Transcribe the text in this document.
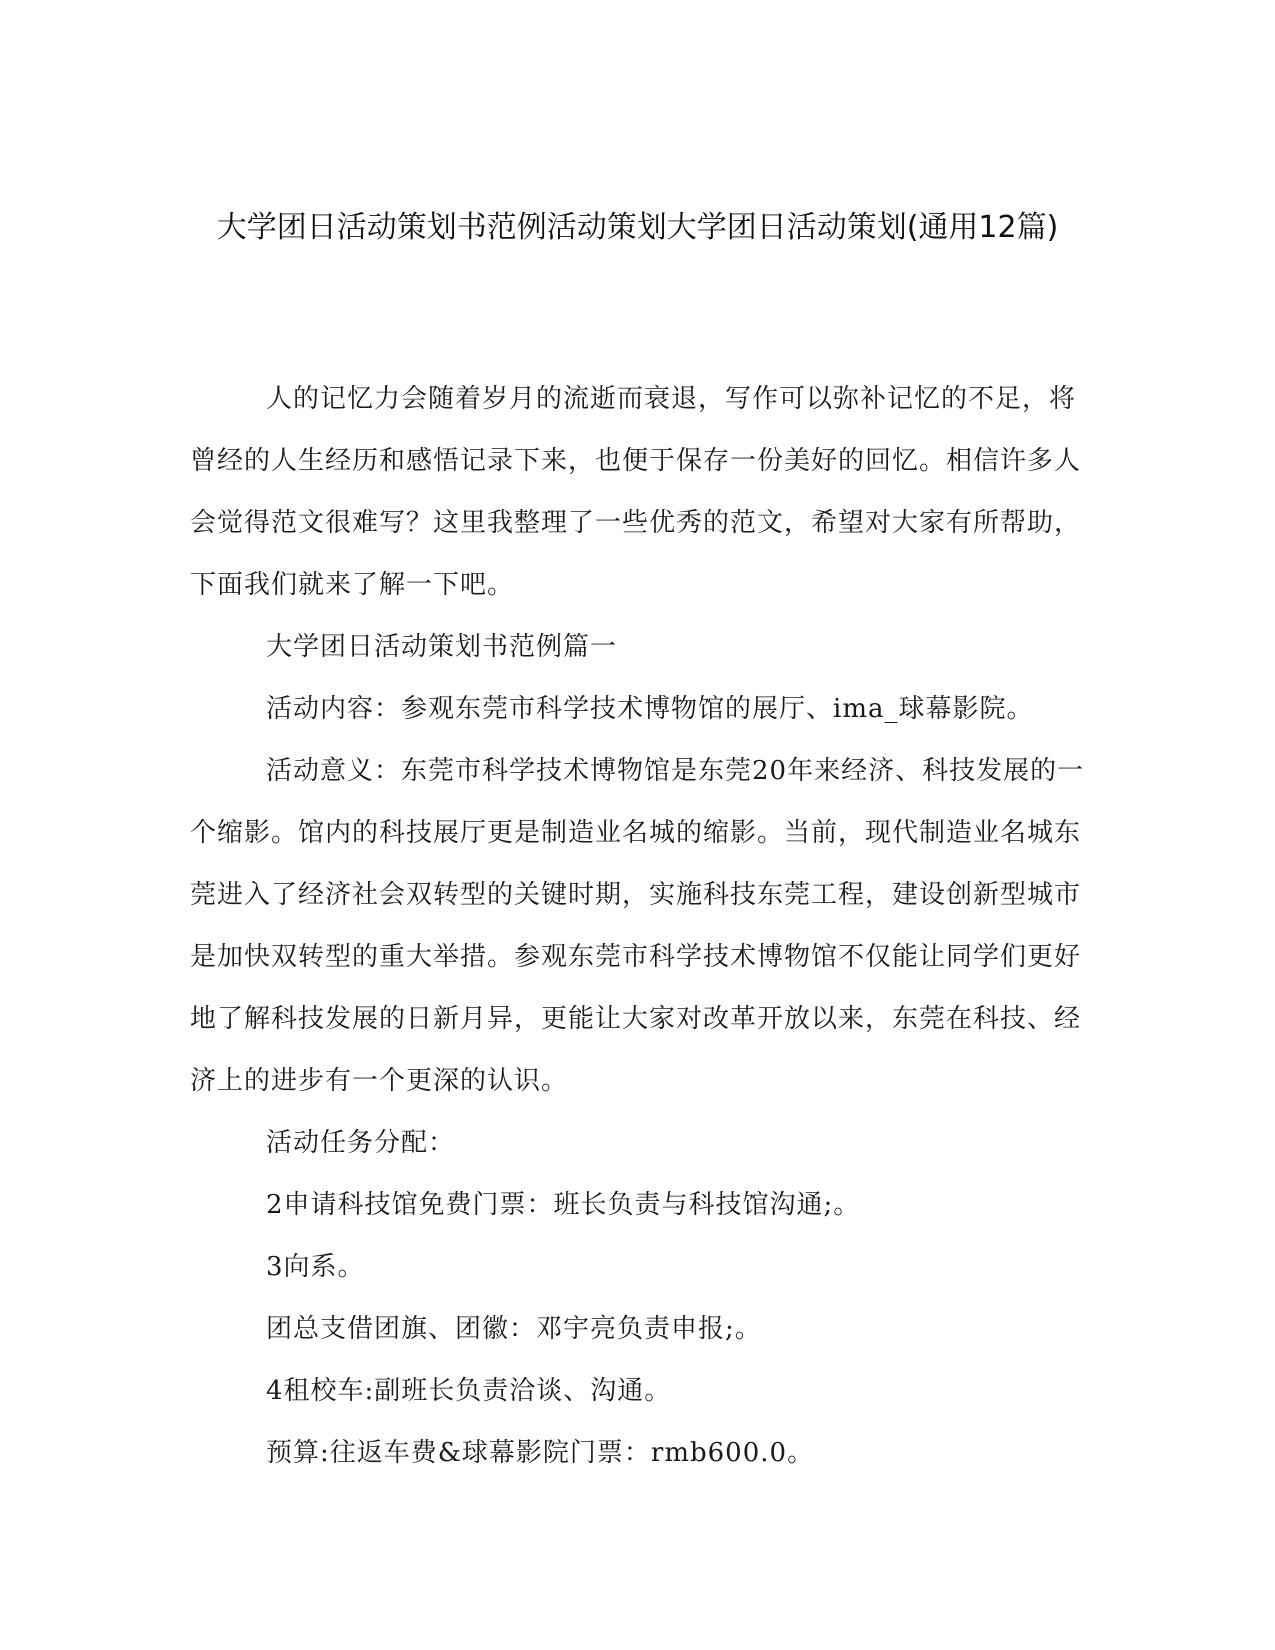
大学团日活动策划书范例活动策划大学团日活动策划(通用12篇)

人的记忆力会随着岁月的流逝而衰退，写作可以弥补记忆的不足，将曾经的人生经历和感悟记录下来，也便于保存一份美好的回忆。相信许多人会觉得范文很难写？这里我整理了一些优秀的范文，希望对大家有所帮助，下面我们就来了解一下吧。

大学团日活动策划书范例篇一

活动内容：参观东莞市科学技术博物馆的展厅、ima_球幕影院。

活动意义：东莞市科学技术博物馆是东莞20年来经济、科技发展的一个缩影。馆内的科技展厅更是制造业名城的缩影。当前，现代制造业名城东莞进入了经济社会双转型的关键时期，实施科技东莞工程，建设创新型城市是加快双转型的重大举措。参观东莞市科学技术博物馆不仅能让同学们更好地了解科技发展的日新月异，更能让大家对改革开放以来，东莞在科技、经济上的进步有一个更深的认识。

活动任务分配：

2申请科技馆免费门票：班长负责与科技馆沟通;。

3向系。

团总支借团旗、团徽：邓宇亮负责申报;。

4租校车:副班长负责洽谈、沟通。

预算:往返车费&球幕影院门票：rmb600.0。
